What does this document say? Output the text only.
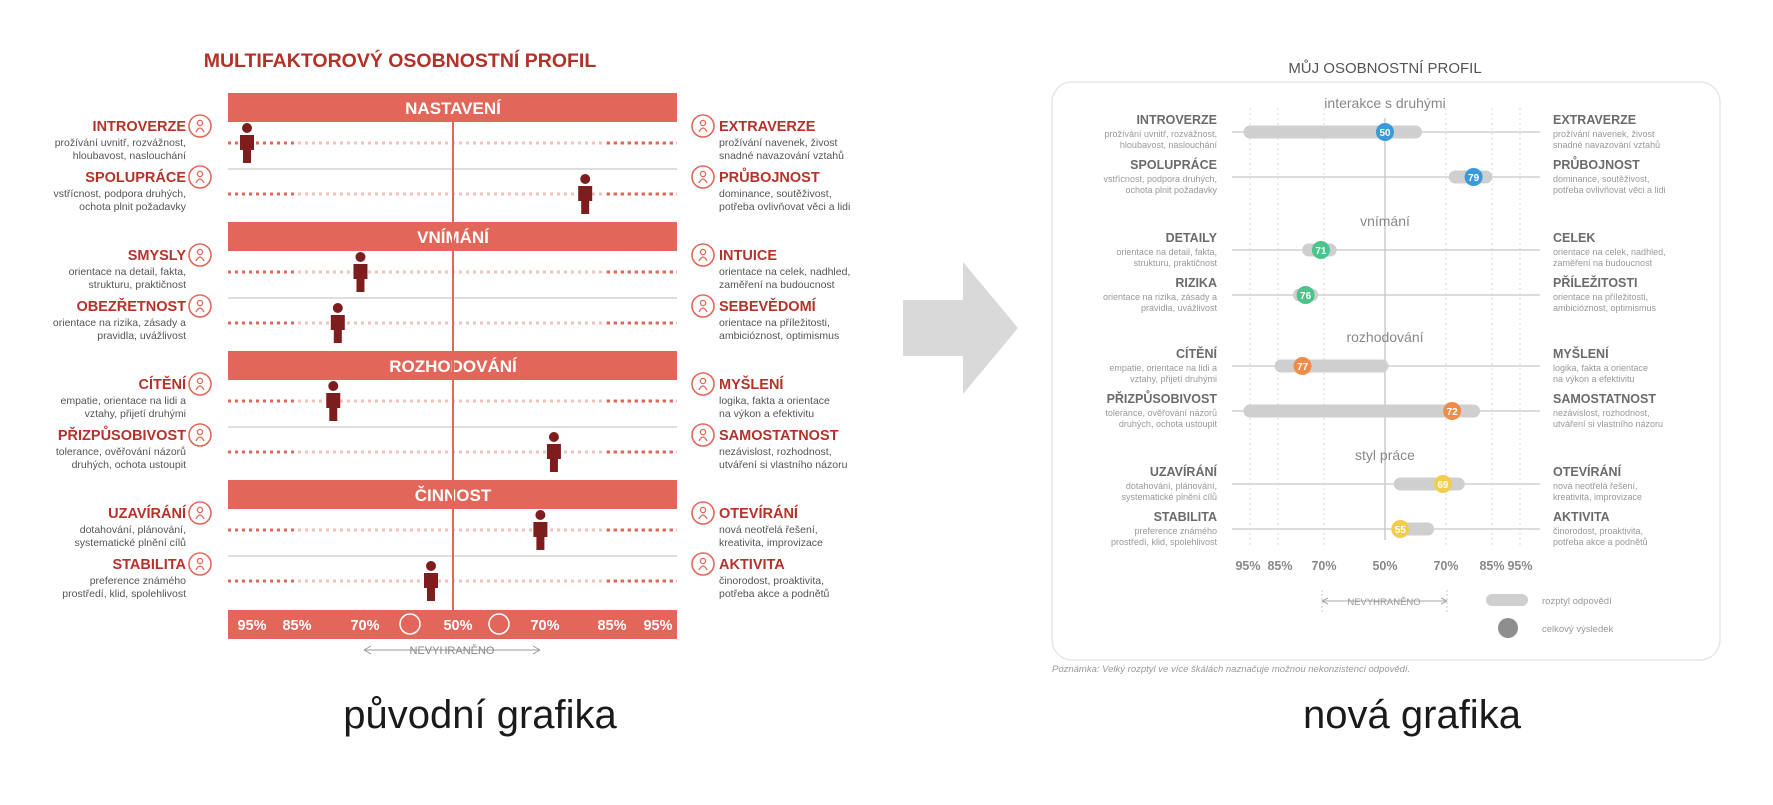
MULTIFAKTOROVÝ OSOBNOSTNÍ PROFIL
NASTAVENÍ
INTROVERZE
prožívání uvnitř, rozvážnost,
hloubavost, naslouchání
EXTRAVERZE
prožívání navenek, živost
snadné navazování vztahů
SPOLUPRÁCE
vstřícnost, podpora druhých,
ochota plnit požadavky
PRŮBOJNOST
dominance, soutěživost,
potřeba ovlivňovat věci a lidi
VNÍMÁNÍ
SMYSLY
orientace na detail, fakta,
strukturu, praktičnost
INTUICE
orientace na celek, nadhled,
zaměření na budoucnost
OBEZŘETNOST
orientace na rizika, zásady a
pravidla, uvážlivost
SEBEVĚDOMÍ
orientace na příležitosti,
ambicióznost, optimismus
ROZHODOVÁNÍ
CÍTĚNÍ
empatie, orientace na lidi a
vztahy, přijetí druhými
MYŠLENÍ
logika, fakta a orientace
na výkon a efektivitu
PŘIZPŮSOBIVOST
tolerance, ověřování názorů
druhých, ochota ustoupit
SAMOSTATNOST
nezávislost, rozhodnost,
utváření si vlastního názoru
ČINNOST
UZAVÍRÁNÍ
dotahování, plánování,
systematické plnění cílů
OTEVÍRÁNÍ
nová neotřelá řešení,
kreativita, improvizace
STABILITA
preference známého
prostředí, klid, spolehlivost
AKTIVITA
činorodost, proaktivita,
potřeba akce a podnětů
95% 85%	70%	50%	70%	85% 95%
NEVYHRANĚNO
MŮJ OSOBNOSTNÍ PROFIL
interakce s druhými
INTROVERZE
prožívání uvnitř, rozvážnost,
hloubavost, naslouchání
EXTRAVERZE
prožívání navenek, živost
snadné navazování vztahů
50
SPOLUPRÁCE
vstřícnost, podpora druhých,
ochota plnit požadavky
PRŮBOJNOST
dominance, soutěživost,
potřeba ovlivňovat věci a lidi
79
vnímání
DETAILY
orientace na detail, fakta,
strukturu, praktičnost
CELEK
orientace na celek, nadhled,
zaměření na budoucnost
71
RIZIKA
orientace na rizika, zásady a
pravidla, uvážlivost
PŘÍLEŽITOSTI
orientace na příležitosti,
ambicióznost, optimismus
76
rozhodování
CÍTĚNÍ
empatie, orientace na lidi a
vztahy, přijetí druhými
MYŠLENÍ
logika, fakta a orientace
na výkon a efektivitu
77
PŘIZPŮSOBIVOST
tolerance, ověřování názorů
druhých, ochota ustoupit
SAMOSTATNOST
nezávislost, rozhodnost,
utváření si vlastního názoru
72
styl práce
UZAVÍRÁNÍ
dotahování, plánování,
systematické plnění cílů
OTEVÍRÁNÍ
nová neotřelá řešení,
kreativita, improvizace
69
STABILITA
preference známého
prostředí, klid, spolehlivost
AKTIVITA
činorodost, proaktivita,
potřeba akce a podnětů
55
95% 85% 70%	50%	70% 85% 95%
NEVYHRANĚNO	rozptyl odpovědí
celkový výsledek
Poznámka: Velký rozptyl ve více škálách naznačuje možnou nekonzistenci odpovědí.
původní grafika	nová grafika
